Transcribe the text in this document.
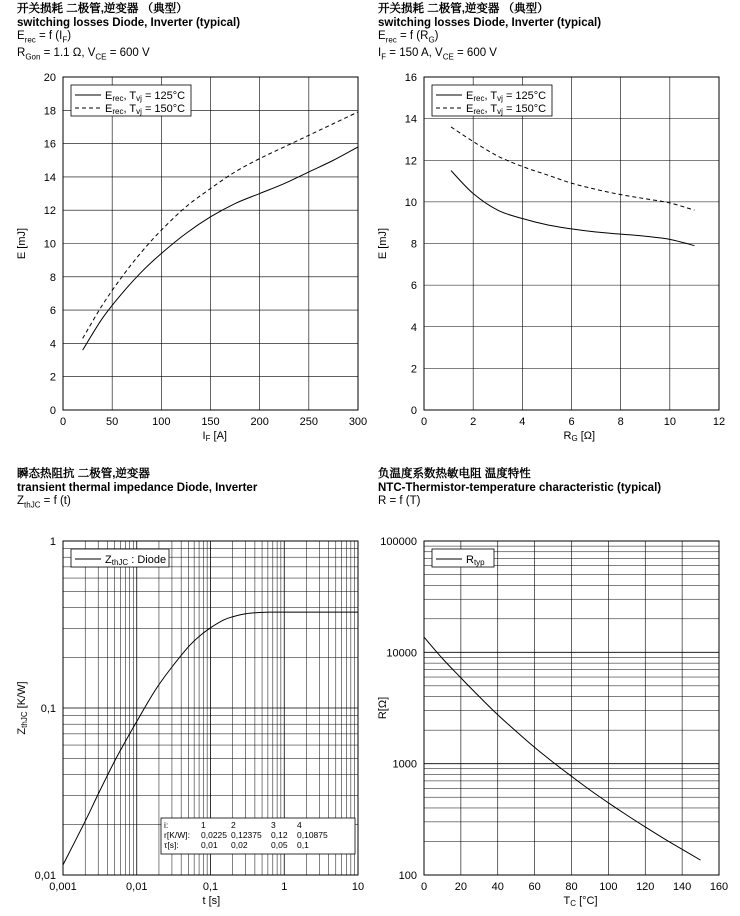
开关损耗 二极管,逆变器 （典型）
switching losses Diode, Inverter (typical)
$E_{rec} = f$ $(I_F)$
$R_{Gon} = 1.1$ Ω, $V_{CE} = 600$ V
开关损耗 二极管,逆变器 （典型）
switching losses Diode, Inverter (typical)
$E_{rec} = f$ $(R_G)$
$I_F = 150$ A, $V_{CE} = 600$ V
瞬态热阻抗 二极管,逆变器
transient thermal impedance Diode, Inverter
$Z_{thJC} = f$ (t)
负温度系数热敏电阻 温度特性
NTC-Thermistor-temperature characteristic (typical)
R = f (T)
0	50	100	150	200	250	300
0
2
4
6
8
10
12
14
16
18
20
Erec, Tvj = 125°C
Erec, Tvj = 150°C
IF [A]
E [mJ]
0	2	4	6	8	10	12
0
2
4
6
8
10
12
14
16
Erec, Tvj = 125°C
Erec, Tvj = 150°C
RG [Ω]
E [mJ]
0,001	0,01	0,1	1	10
0,01
0,1
1
ZthJC : Diode
t [s]
ZthJC [K/W]
i:	1	2	3	4
r[K/W]: 0,0225 0,12375 0,12 0,10875
τ[s]:	0,01 0,02	0,05 0,1
0	20 40 60 80 100 120 140 160
100
1000
10000
100000
Rtyp
TC [°C]
R[Ω]
